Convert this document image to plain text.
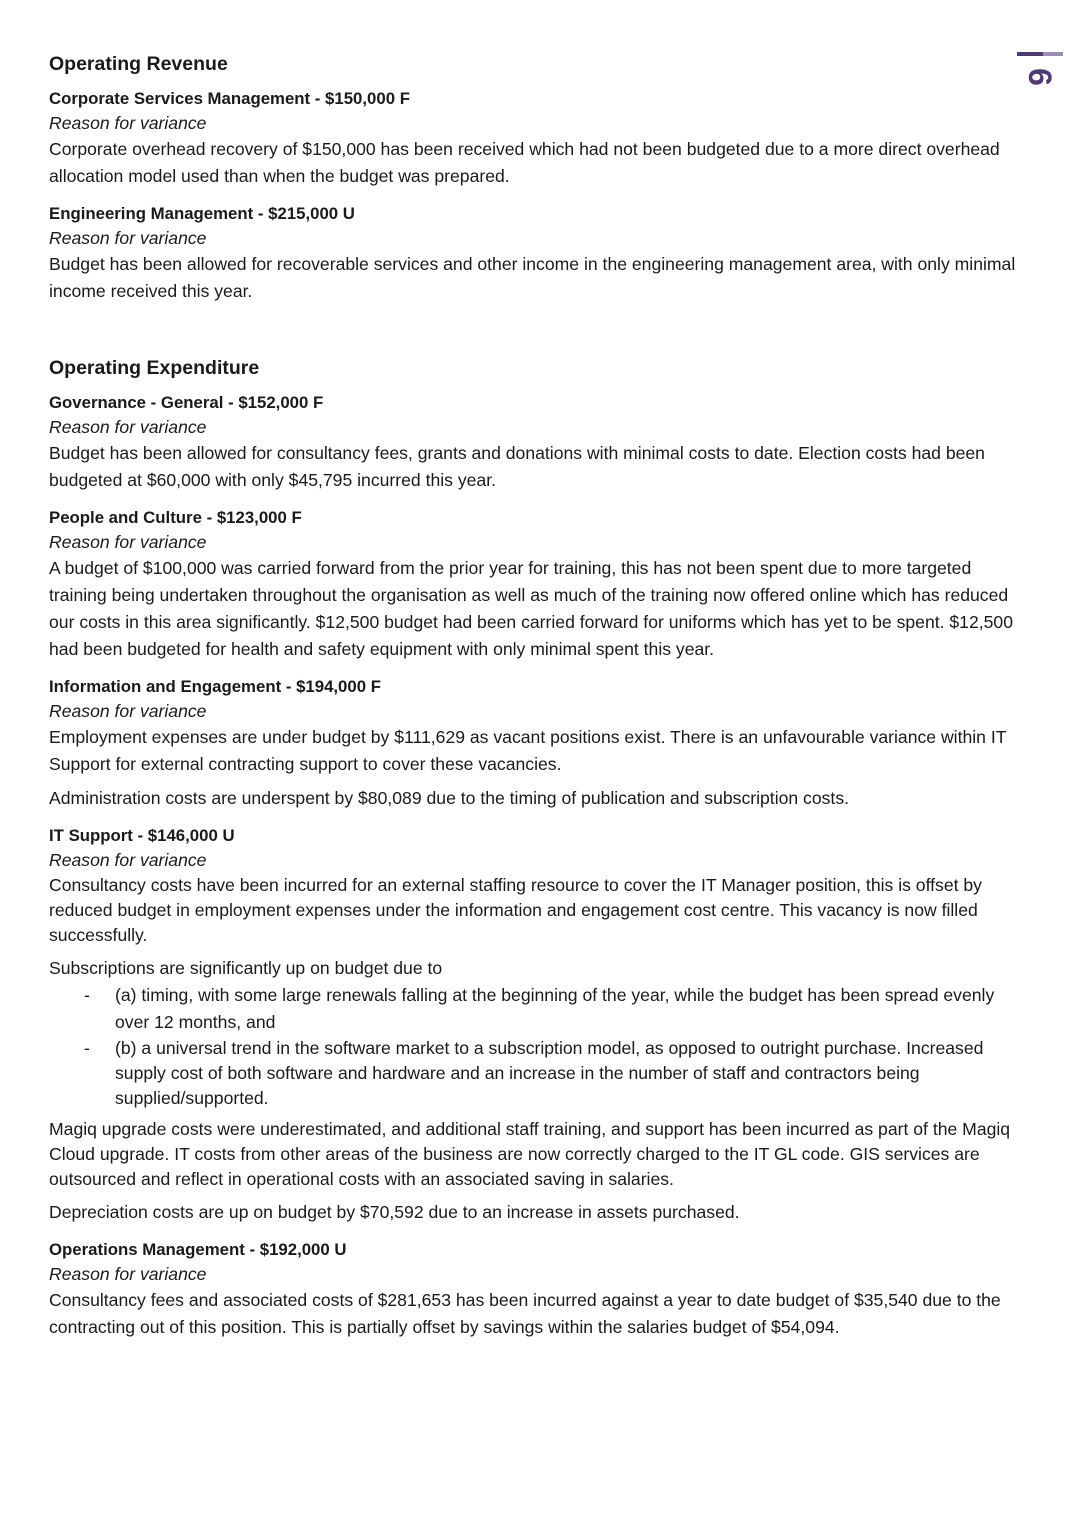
6
Operating Revenue
Corporate Services Management - $150,000 F

Reason for variance

Corporate overhead recovery of $150,000 has been received which had not been budgeted due to a more direct overhead allocation model used than when the budget was prepared.

Engineering Management - $215,000 U

Reason for variance

Budget has been allowed for recoverable services and other income in the engineering management area, with only minimal income received this year.

Operating Expenditure
Governance - General - $152,000 F

Reason for variance

Budget has been allowed for consultancy fees, grants and donations with minimal costs to date. Election costs had been budgeted at $60,000 with only $45,795 incurred this year.

People and Culture - $123,000 F

Reason for variance

A budget of $100,000 was carried forward from the prior year for training, this has not been spent due to more targeted training being undertaken throughout the organisation as well as much of the training now offered online which has reduced our costs in this area significantly. $12,500 budget had been carried forward for uniforms which has yet to be spent. $12,500 had been budgeted for health and safety equipment with only minimal spent this year.

Information and Engagement - $194,000 F

Reason for variance

Employment expenses are under budget by $111,629 as vacant positions exist. There is an unfavourable variance within IT Support for external contracting support to cover these vacancies.

Administration costs are underspent by $80,089 due to the timing of publication and subscription costs.

IT Support - $146,000 U

Reason for variance

Consultancy costs have been incurred for an external staffing resource to cover the IT Manager position, this is offset by reduced budget in employment expenses under the information and engagement cost centre. This vacancy is now filled successfully.

Subscriptions are significantly up on budget due to

- (a) timing, with some large renewals falling at the beginning of the year, while the budget has been spread evenly over 12 months, and
- (b) a universal trend in the software market to a subscription model, as opposed to outright purchase. Increased supply cost of both software and hardware and an increase in the number of staff and contractors being supplied/supported.

Magiq upgrade costs were underestimated, and additional staff training, and support has been incurred as part of the Magiq Cloud upgrade. IT costs from other areas of the business are now correctly charged to the IT GL code. GIS services are outsourced and reflect in operational costs with an associated saving in salaries.

Depreciation costs are up on budget by $70,592 due to an increase in assets purchased.

Operations Management - $192,000 U

Reason for variance

Consultancy fees and associated costs of $281,653 has been incurred against a year to date budget of $35,540 due to the contracting out of this position. This is partially offset by savings within the salaries budget of $54,094.
